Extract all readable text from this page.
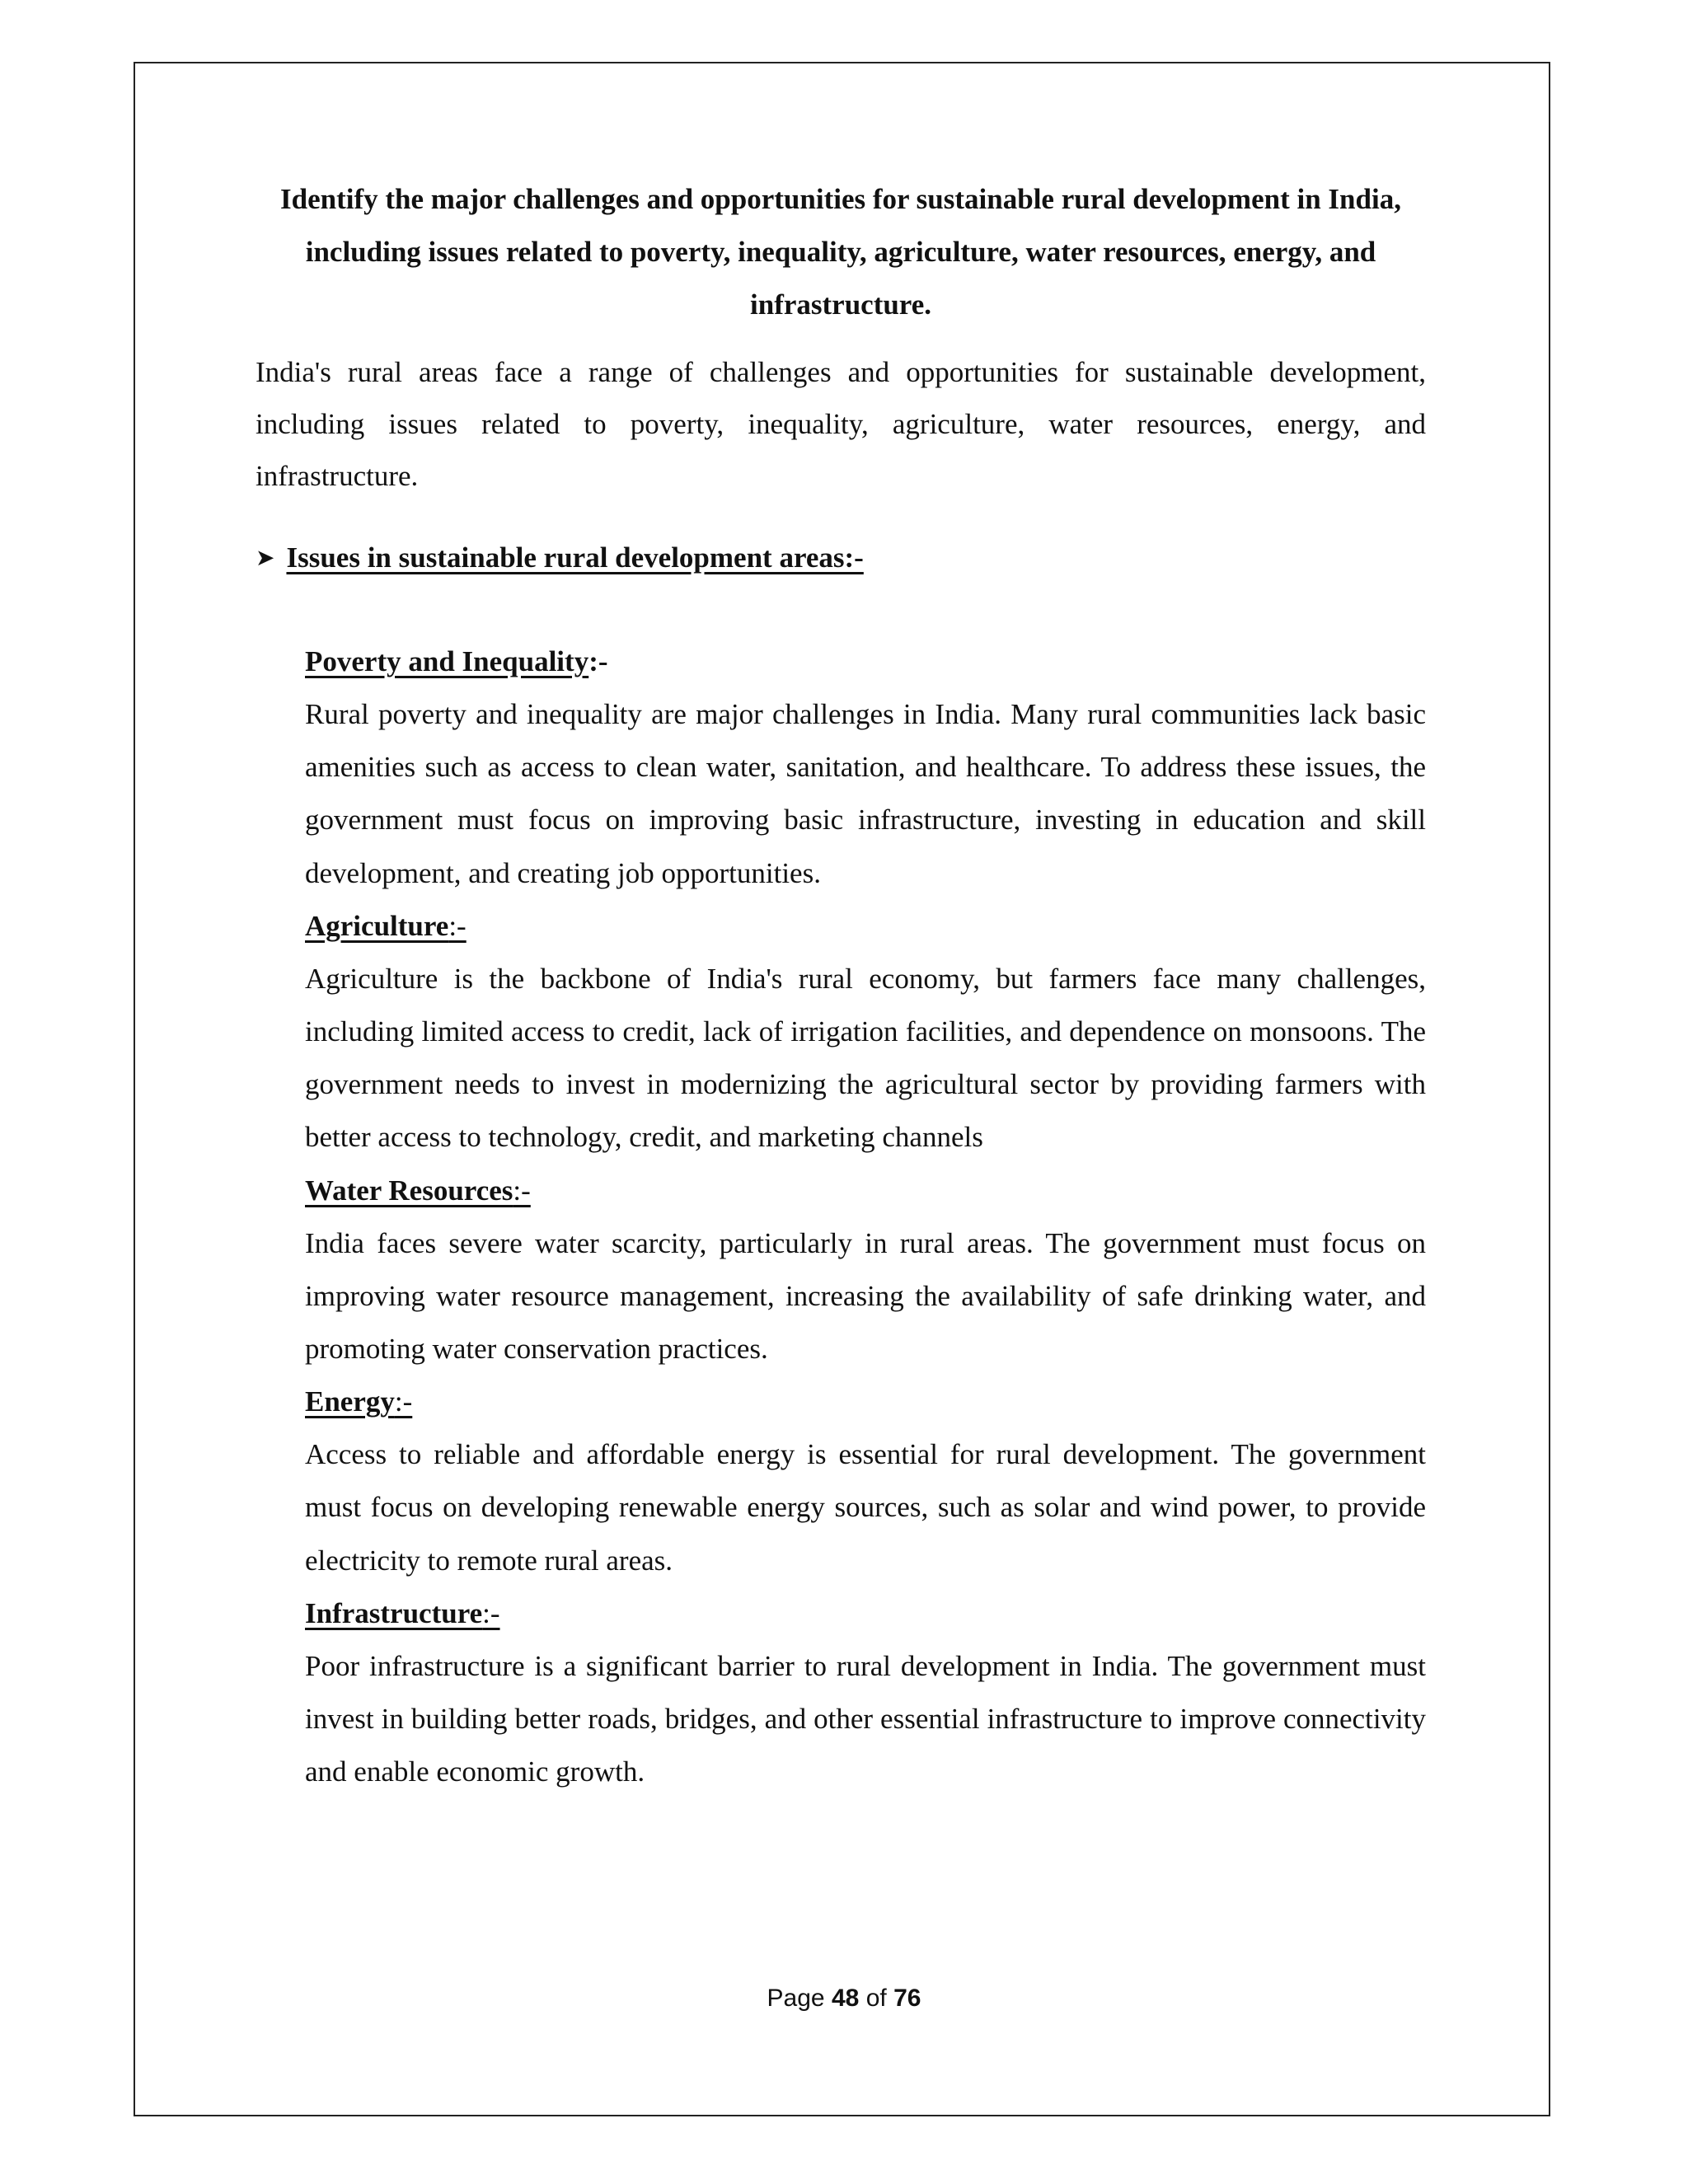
Identify the major challenges and opportunities for sustainable rural development in India, including issues related to poverty, inequality, agriculture, water resources, energy, and infrastructure.

India's rural areas face a range of challenges and opportunities for sustainable development, including issues related to poverty, inequality, agriculture, water resources, energy, and infrastructure.

➤ Issues in sustainable rural development areas:-
Poverty and Inequality:-

Rural poverty and inequality are major challenges in India. Many rural communities lack basic amenities such as access to clean water, sanitation, and healthcare. To address these issues, the government must focus on improving basic infrastructure, investing in education and skill development, and creating job opportunities.

Agriculture:-

Agriculture is the backbone of India's rural economy, but farmers face many challenges, including limited access to credit, lack of irrigation facilities, and dependence on monsoons. The government needs to invest in modernizing the agricultural sector by providing farmers with better access to technology, credit, and marketing channels

Water Resources:-

India faces severe water scarcity, particularly in rural areas. The government must focus on improving water resource management, increasing the availability of safe drinking water, and promoting water conservation practices.

Energy:-

Access to reliable and affordable energy is essential for rural development. The government must focus on developing renewable energy sources, such as solar and wind power, to provide electricity to remote rural areas.

Infrastructure:-

Poor infrastructure is a significant barrier to rural development in India. The government must invest in building better roads, bridges, and other essential infrastructure to improve connectivity and enable economic growth.

Page 48 of 76
